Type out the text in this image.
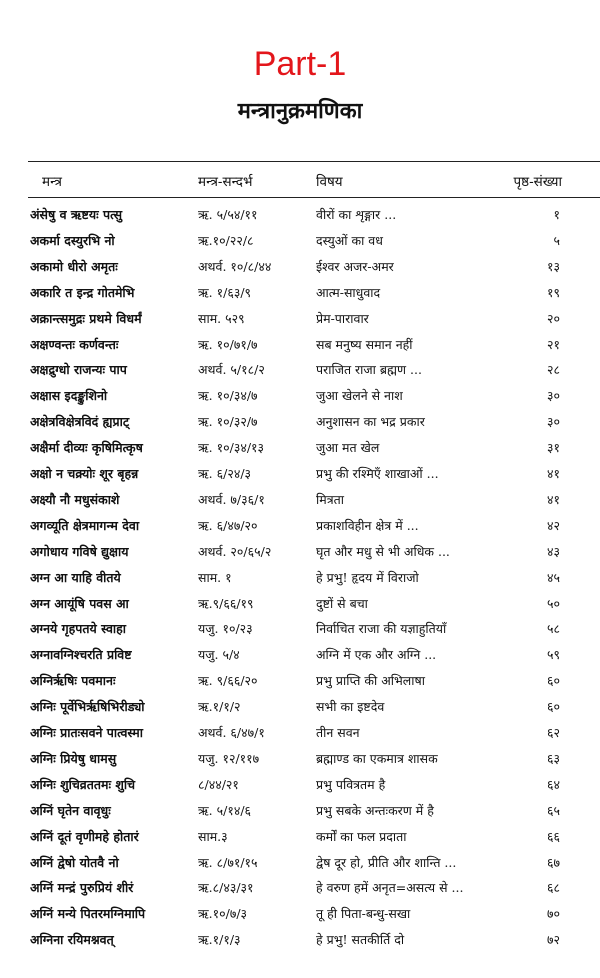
Part-1
मन्त्रानुक्रमणिका
मन्त्र	मन्त्र-सन्दर्भ	विषय	पृष्ठ-संख्या
अंसेषु व ऋष्टयः पत्सु	ऋ. ५/५४/११	वीरों का शृङ्गार ...	१
अकर्मा दस्युरभि नो	ऋ.१०/२२/८	दस्युओं का वध	५
अकामो धीरो अमृतः	अथर्व. १०/८/४४	ईश्वर अजर-अमर	१३
अकारि त इन्द्र गोतमेभि	ऋ. १/६३/९	आत्म-साधुवाद	१९
अक्रान्त्समुद्रः प्रथमे विधर्मं	साम. ५२९	प्रेम-पारावार	२०
अक्षण्वन्तः कर्णवन्तः	ऋ. १०/७१/७	सब मनुष्य समान नहीं	२१
अक्षद्रुग्धो राजन्यः पाप	अथर्व. ५/१८/२	पराजित राजा ब्रह्मण ...	२८
अक्षास इदङ्कुशिनो	ऋ. १०/३४/७	जुआ खेलने से नाश	३०
अक्षेत्रविक्षेत्रविदं ह्यप्राट्	ऋ. १०/३२/७	अनुशासन का भद्र प्रकार	३०
अक्षैर्मा दीव्यः कृषिमित्कृष	ऋ. १०/३४/१३	जुआ मत खेल	३१
अक्षो न चक्र्योः शूर बृहन्न	ऋ. ६/२४/३	प्रभु की रश्मिएँ शाखाओं ...	४१
अक्ष्यौ नौ मधुसंकाशे	अथर्व. ७/३६/१	मित्रता	४१
अगव्यूति क्षेत्रमागन्म देवा	ऋ. ६/४७/२०	प्रकाशविहीन क्षेत्र में ...	४२
अगोधाय गविषे द्युक्षाय	अथर्व. २०/६५/२	घृत और मधु से भी अधिक ...	४३
अग्न आ याहि वीतये	साम. १	हे प्रभु! हृदय में विराजो	४५
अग्न आयूंषि पवस आ	ऋ.९/६६/१९	दुष्टों से बचा	५०
अग्नये गृहपतये स्वाहा	यजु. १०/२३	निर्वाचित राजा की यज्ञाहुतियाँ	५८
अग्नावग्निश्चरति प्रविष्ट	यजु. ५/४	अग्नि में एक और अग्नि ...	५९
अग्निर्ऋषिः पवमानः	ऋ. ९/६६/२०	प्रभु प्राप्ति की अभिलाषा	६०
अग्निः पूर्वेभिर्ऋषिभिरीड्यो	ऋ.१/१/२	सभी का इष्टदेव	६०
अग्निः प्रातःसवने पात्वस्मा	अथर्व. ६/४७/१	तीन सवन	६२
अग्निः प्रियेषु धामसु	यजु. १२/११७	ब्रह्माण्ड का एकमात्र शासक	६३
अग्निः शुचिव्रततमः शुचि	८/४४/२१	प्रभु पवित्रतम है	६४
अग्निं घृतेन वावृधुः	ऋ. ५/१४/६	प्रभु सबके अन्तःकरण में है	६५
अग्निं दूतं वृणीमहे होतारं	साम.३	कर्मों का फल प्रदाता	६६
अग्निं द्वेषो योतवै नो	ऋ. ८/७१/१५	द्वेष दूर हो, प्रीति और शान्ति ...	६७
अग्निं मन्द्रं पुरुप्रियं शीरं	ऋ.८/४३/३१	हे वरुण हमें अनृत=असत्य से ...	६८
अग्निं मन्ये पितरमग्निमापि	ऋ.१०/७/३	तू ही पिता-बन्धु-सखा	७०
अग्निना रयिमश्नवत्	ऋ.१/१/३	हे प्रभु! सतकीर्ति दो	७२
